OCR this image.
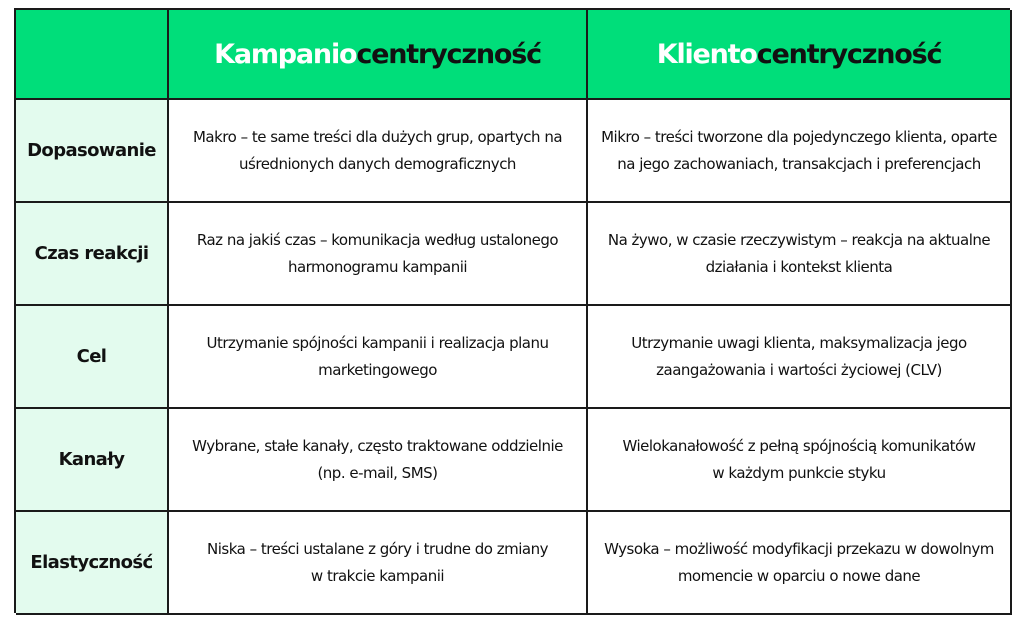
Kampaniocentryczność	Klientocentryczność
Dopasowanie
Makro – te same treści dla dużych grup, opartych na
uśrednionych danych demograficznych
Mikro – treści tworzone dla pojedynczego klienta, oparte
na jego zachowaniach, transakcjach i preferencjach
Czas reakcji
Raz na jakiś czas – komunikacja według ustalonego
harmonogramu kampanii
Na żywo, w czasie rzeczywistym – reakcja na aktualne
działania i kontekst klienta
Cel
Utrzymanie spójności kampanii i realizacja planu
marketingowego
Utrzymanie uwagi klienta, maksymalizacja jego
zaangażowania i wartości życiowej (CLV)
Kanały
Wybrane, stałe kanały, często traktowane oddzielnie
(np. e-mail, SMS)
Wielokanałowość z pełną spójnością komunikatów
w każdym punkcie styku
Elastyczność
Niska – treści ustalane z góry i trudne do zmiany
w trakcie kampanii
Wysoka – możliwość modyfikacji przekazu w dowolnym
momencie w oparciu o nowe dane
